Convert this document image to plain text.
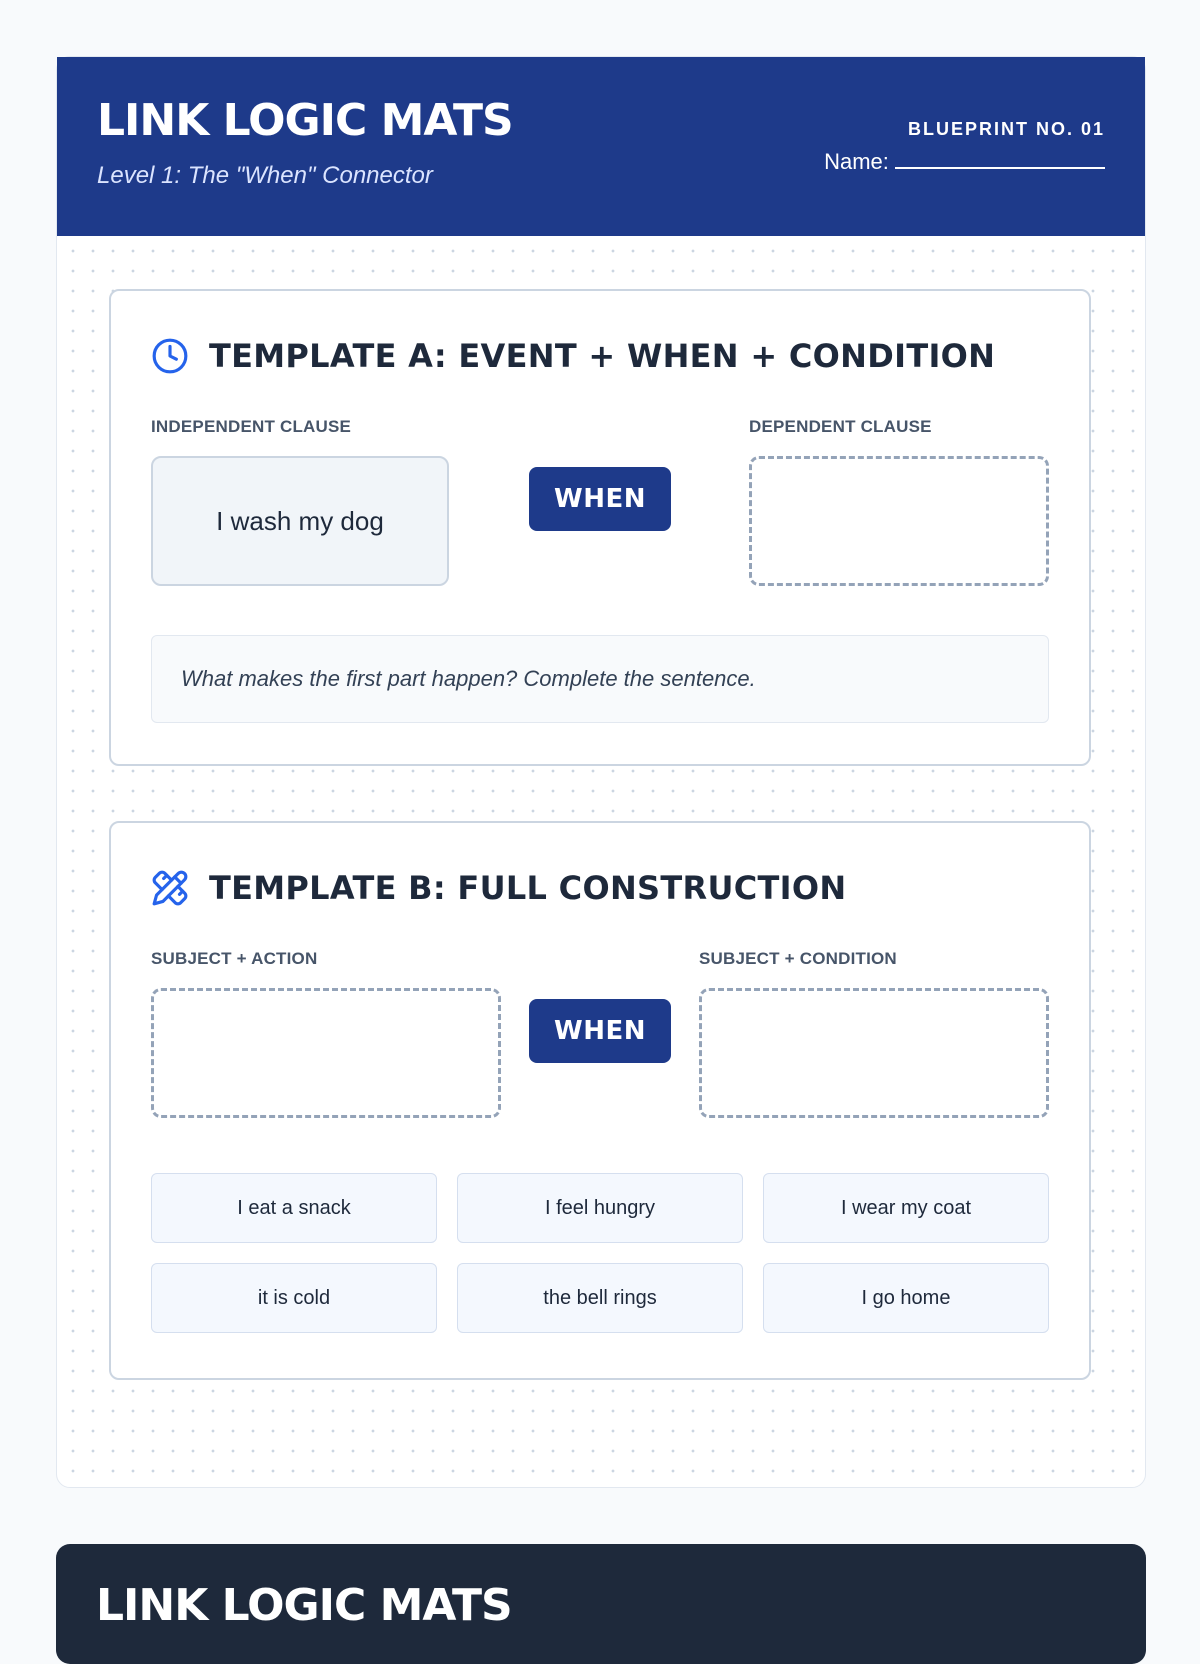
LINK LOGIC MATS
Level 1: The "When" Connector
BLUEPRINT NO. 01
Name:
TEMPLATE A: EVENT + WHEN + CONDITION
INDEPENDENT CLAUSE
I wash my dog
WHEN
DEPENDENT CLAUSE
What makes the first part happen? Complete the sentence.
TEMPLATE B: FULL CONSTRUCTION
SUBJECT + ACTION
WHEN
SUBJECT + CONDITION
I eat a snack	I feel hungry	I wear my coat
it is cold	the bell rings	I go home
LINK LOGIC MATS
